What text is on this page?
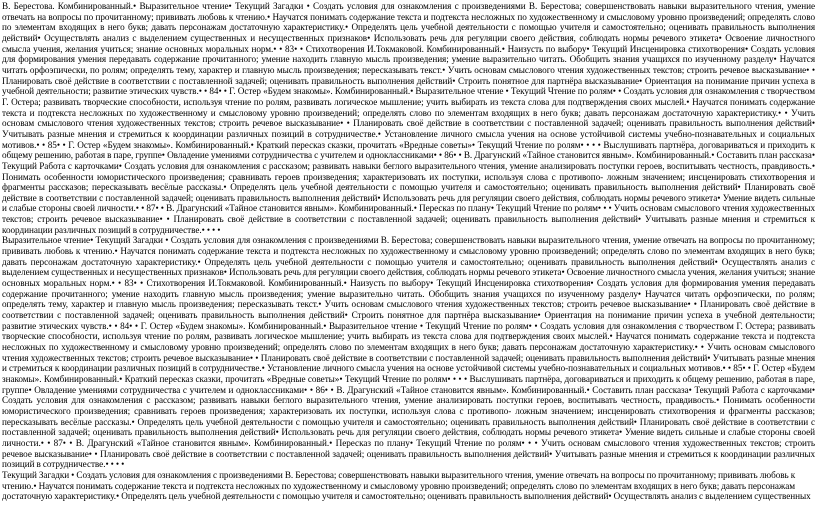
В. Берестова. Комбинированный.• Выразительное чтение• Текущий Загадки • Создать условия для ознакомления с произведениями В. Берестова; совершенствовать навыки выразительного чтения, умение отвечать на вопросы по прочитанному; прививать любовь к чтению.• Научатся понимать содержание текста и подтекста несложных по художественному и смысловому уровню произведений; определять слово по элементам входящих в него букв; давать персонажам достаточную характеристику.• Определять цель учебной деятельности с помощью учителя и самостоятельно; оценивать правильность выполнения действий• Осуществлять анализ с выделением существенных и несущественных признаков• Использовать речь для регуляции своего действия, соблюдать нормы речевого этикета• Освоение личностного смысла учения, желания учиться; знание основных моральных норм.• • 83• • Стихотворения И.Токмаковой. Комбинированный.• Наизусть по выбору• Текущий Инсценировка стихотворения• Создать условия для формирования умения передавать содержание прочитанного; умение находить главную мысль произведения; умение выразительно читать. Обобщить знания учащихся по изученному разделу• Научатся читать орфоэпически, по ролям; определять тему, характер и главную мысль произведения; пересказывать текст.• Учить основам смыслового чтения художественных текстов; строить речевое высказывание• • Планировать своё действие в соответствии с поставленной задачей; оценивать правильность выполнения действий• Строить понятное для партнёра высказывание• Ориентация на понимание причин успеха в учебной деятельности; развитие этических чувств.• • 84• • Г. Остер «Будем знакомы». Комбинированный.• Выразительное чтение • Текущий Чтение по ролям• • Создать условия для ознакомления с творчеством Г. Остера; развивать творческие способности, используя чтение по ролям, развивать логическое мышление; учить выбирать из текста слова для подтверждения своих мыслей.• Научатся понимать содержание текста и подтекста несложных по художественному и смысловому уровню произведений; определять слово по элементам входящих в него букв; давать персонажам достаточную характеристику.• • Учить основам смыслового чтения художественных текстов; строить речевое высказывание• • Планировать своё действие в соответствии с поставленной задачей; оценивать правильность выполнения действий• Учитывать разные мнения и стремиться к координации различных позиций в сотрудничестве.• Установление личного смысла учения на основе устойчивой системы учебно-познавательных и социальных мотивов.• • 85• • Г. Остер «Будем знакомы». Комбинированный.• Краткий пересказ сказки, прочитать «Вредные советы»• Текущий Чтение по ролям• • • • Выслушивать партнёра, договариваться и приходить к общему решению, работая в паре, группе• Овладение умениями сотрудничества с учителем и одноклассниками• • 86• • В. Драгунский «Тайное становится явным». Комбинированный.• Составить план рассказа• Текущий Работа с карточками• Создать условия для ознакомления с рассказом; развивать навыки беглого выразительного чтения, умение анализировать поступки героев, воспитывать честность, правдивость.• Понимать особенности юмористического произведения; сравнивать героев произведения; характеризовать их поступки, используя слова с противопо- ложным значением; инсценировать стихотворения и фрагменты рассказов; пересказывать весёлые рассказы.• Определять цель учебной деятельности с помощью учителя и самостоятельно; оценивать правильность выполнения действий• Планировать своё действие в соответствии с поставленной задачей; оценивать правильность выполнения действий• Использовать речь для регуляции своего действия, соблюдать нормы речевого этикета• Умение видеть сильные и слабые стороны своей личности.• • 87• • В. Драгунский «Тайное становится явным». Комбинированный.• Пересказ по плану• Текущий Чтение по ролям• • • Учить основам смыслового чтения художественных текстов; строить речевое высказывание• • Планировать своё действие в соответствии с поставленной задачей; оценивать правильность выполнения действий• Учитывать разные мнения и стремиться к координации различных позиций в сотрудничестве.• • • •

Выразительное чтение• Текущий Загадки • Создать условия для ознакомления с произведениями В. Берестова; совершенствовать навыки выразительного чтения, умение отвечать на вопросы по прочитанному; прививать любовь к чтению.• Научатся понимать содержание текста и подтекста несложных по художественному и смысловому уровню произведений; определять слово по элементам входящих в него букв; давать персонажам достаточную характеристику.• Определять цель учебной деятельности с помощью учителя и самостоятельно; оценивать правильность выполнения действий• Осуществлять анализ с выделением существенных и несущественных признаков• Использовать речь для регуляции своего действия, соблюдать нормы речевого этикета• Освоение личностного смысла учения, желания учиться; знание основных моральных норм.• • 83• • Стихотворения И.Токмаковой. Комбинированный.• Наизусть по выбору• Текущий Инсценировка стихотворения• Создать условия для формирования умения передавать содержание прочитанного; умение находить главную мысль произведения; умение выразительно читать. Обобщить знания учащихся по изученному разделу• Научатся читать орфоэпически, по ролям; определять тему, характер и главную мысль произведения; пересказывать текст.• Учить основам смыслового чтения художественных текстов; строить речевое высказывание• • Планировать своё действие в соответствии с поставленной задачей; оценивать правильность выполнения действий• Строить понятное для партнёра высказывание• Ориентация на понимание причин успеха в учебной деятельности; развитие этических чувств.• • 84• • Г. Остер «Будем знакомы». Комбинированный.• Выразительное чтение • Текущий Чтение по ролям• • Создать условия для ознакомления с творчеством Г. Остера; развивать творческие способности, используя чтение по ролям, развивать логическое мышление; учить выбирать из текста слова для подтверждения своих мыслей.• Научатся понимать содержание текста и подтекста несложных по художественному и смысловому уровню произведений; определять слово по элементам входящих в него букв; давать персонажам достаточную характеристику.• • Учить основам смыслового чтения художественных текстов; строить речевое высказывание• • Планировать своё действие в соответствии с поставленной задачей; оценивать правильность выполнения действий• Учитывать разные мнения и стремиться к координации различных позиций в сотрудничестве.• Установление личного смысла учения на основе устойчивой системы учебно-познавательных и социальных мотивов.• • 85• • Г. Остер «Будем знакомы». Комбинированный.• Краткий пересказ сказки, прочитать «Вредные советы»• Текущий Чтение по ролям• • • • Выслушивать партнёра, договариваться и приходить к общему решению, работая в паре, группе• Овладение умениями сотрудничества с учителем и одноклассниками• • 86• • В. Драгунский «Тайное становится явным». Комбинированный.• Составить план рассказа• Текущий Работа с карточками• Создать условия для ознакомления с рассказом; развивать навыки беглого выразительного чтения, умение анализировать поступки героев, воспитывать честность, правдивость.• Понимать особенности юмористического произведения; сравнивать героев произведения; характеризовать их поступки, используя слова с противопо- ложным значением; инсценировать стихотворения и фрагменты рассказов; пересказывать весёлые рассказы.• Определять цель учебной деятельности с помощью учителя и самостоятельно; оценивать правильность выполнения действий• Планировать своё действие в соответствии с поставленной задачей; оценивать правильность выполнения действий• Использовать речь для регуляции своего действия, соблюдать нормы речевого этикета• Умение видеть сильные и слабые стороны своей личности.• • 87• • В. Драгунский «Тайное становится явным». Комбинированный.• Пересказ по плану• Текущий Чтение по ролям• • • Учить основам смыслового чтения художественных текстов; строить речевое высказывание• • Планировать своё действие в соответствии с поставленной задачей; оценивать правильность выполнения действий• Учитывать разные мнения и стремиться к координации различных позиций в сотрудничестве.• • • •

Текущий Загадки • Создать условия для ознакомления с произведениями В. Берестова; совершенствовать навыки выразительного чтения, умение отвечать на вопросы по прочитанному; прививать любовь к чтению.• Научатся понимать содержание текста и подтекста несложных по художественному и смысловому уровню произведений; определять слово по элементам входящих в него букв; давать персонажам достаточную характеристику.• Определять цель учебной деятельности с помощью учителя и самостоятельно; оценивать правильность выполнения действий• Осуществлять анализ с выделением существенных
